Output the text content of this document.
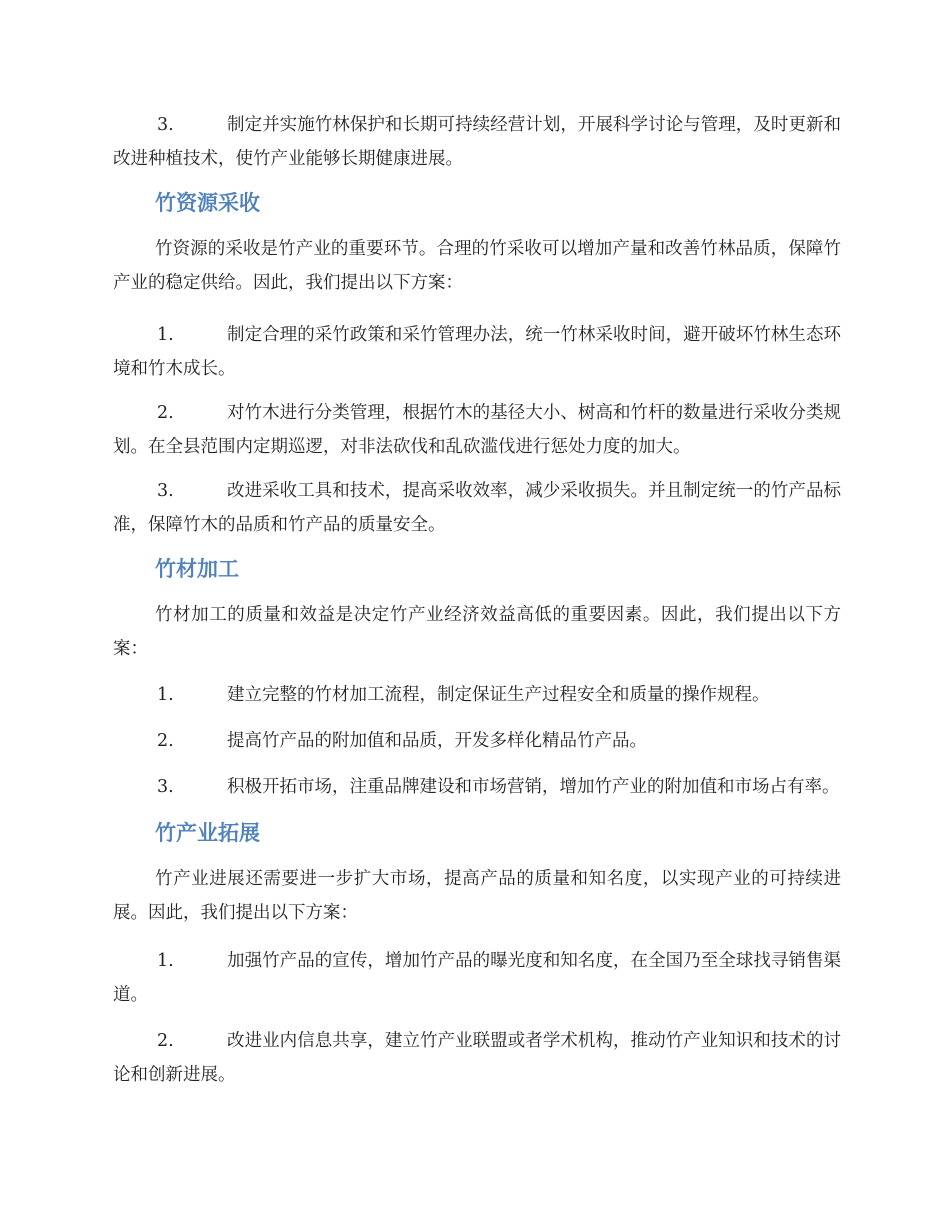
3.	制定并实施竹林保护和长期可持续经营计划，开展科学讨论与管理，及时更新和改进种植技术，使竹产业能够长期健康进展。

竹资源采收

竹资源的采收是竹产业的重要环节。合理的竹采收可以增加产量和改善竹林品质，保障竹产业的稳定供给。因此，我们提出以下方案：

1.	制定合理的采竹政策和采竹管理办法，统一竹林采收时间，避开破坏竹林生态环境和竹木成长。

2.	对竹木进行分类管理，根据竹木的基径大小、树高和竹杆的数量进行采收分类规划。在全县范围内定期巡逻，对非法砍伐和乱砍滥伐进行惩处力度的加大。

3.	改进采收工具和技术，提高采收效率，减少采收损失。并且制定统一的竹产品标准，保障竹木的品质和竹产品的质量安全。

竹材加工

竹材加工的质量和效益是决定竹产业经济效益高低的重要因素。因此，我们提出以下方案：

1.	建立完整的竹材加工流程，制定保证生产过程安全和质量的操作规程。

2.	提高竹产品的附加值和品质，开发多样化精品竹产品。

3.	积极开拓市场，注重品牌建设和市场营销，增加竹产业的附加值和市场占有率。

竹产业拓展

竹产业进展还需要进一步扩大市场，提高产品的质量和知名度，以实现产业的可持续进展。因此，我们提出以下方案：

1.	加强竹产品的宣传，增加竹产品的曝光度和知名度，在全国乃至全球找寻销售渠道。

2.	改进业内信息共享，建立竹产业联盟或者学术机构，推动竹产业知识和技术的讨论和创新进展。
